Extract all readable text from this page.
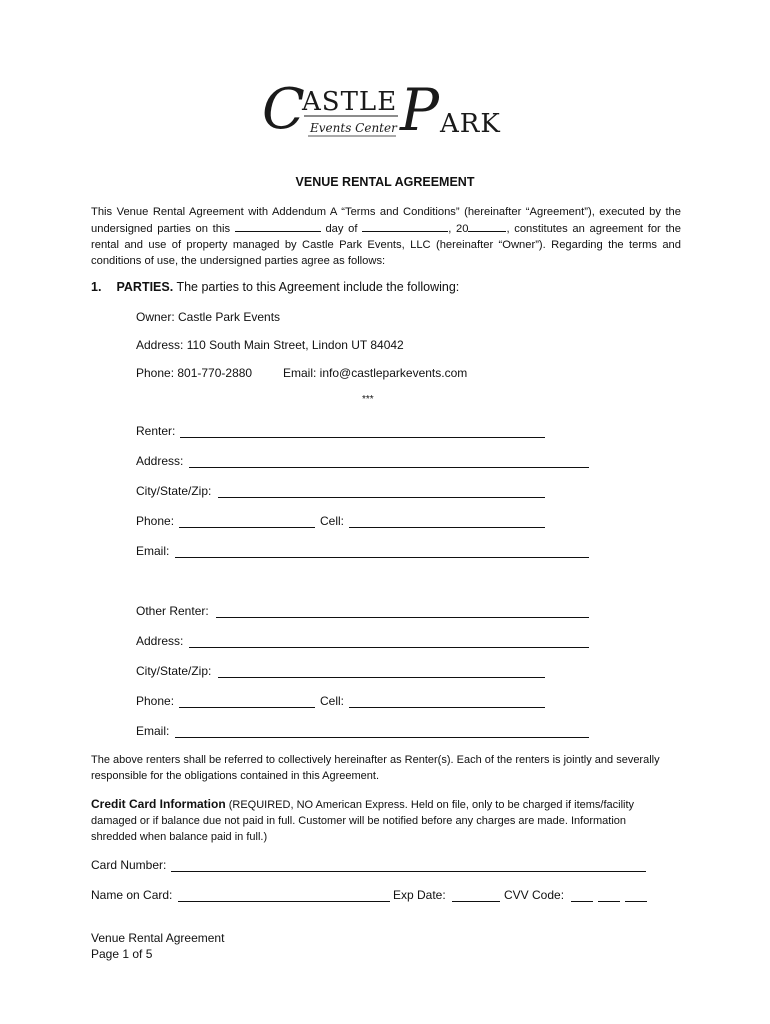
C
ASTLE P ARK
Events Center
VENUE RENTAL AGREEMENT
This Venue Rental Agreement with Addendum A “Terms and Conditions” (hereinafter “Agreement”), executed by the undersigned parties on this	day of	, 20	, constitutes an agreement for the rental and use of property managed by Castle Park Events, LLC (hereinafter “Owner”). Regarding the terms and conditions of use, the undersigned parties agree as follows:
1. PARTIES. The parties to this Agreement include the following:
Owner: Castle Park Events
Address: 110 South Main Street, Lindon UT 84042
Phone: 801-770-2880	Email: info@castleparkevents.com
***
Renter:
Address:
City/State/Zip:
Phone:	Cell:
Email:
Other Renter:
Address:
City/State/Zip:
Phone:	Cell:
Email:
The above renters shall be referred to collectively hereinafter as Renter(s). Each of the renters is jointly and severally responsible for the obligations contained in this Agreement.
Credit Card Information (REQUIRED, NO American Express. Held on file, only to be charged if items/facility damaged or if balance due not paid in full. Customer will be notified before any charges are made. Information shredded when balance paid in full.)
Card Number:
Name on Card:	Exp Date:	CVV Code:
Venue Rental Agreement
Page 1 of 5
